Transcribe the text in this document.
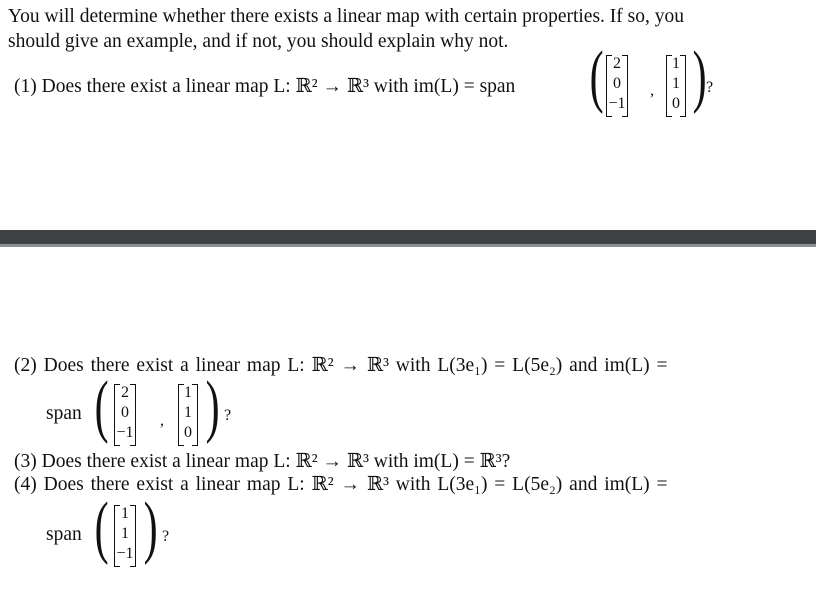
You will determine whether there exists a linear map with certain properties. If so, you
should give an example, and if not, you should explain why not.
(1) Does there exist a linear map L: ℝ² → ℝ³ with im(L) = span ( 2
0
−1
,
1
1
0 ) ?
(2) Does there exist a linear map L: ℝ² → ℝ³ with L(3e₁) = L(5e₂) and im(L) =
span ( 2
0
−1
,
1
1
0 ) ?
(3) Does there exist a linear map L: ℝ² → ℝ³ with im(L) = ℝ³?
(4) Does there exist a linear map L: ℝ² → ℝ³ with L(3e₁) = L(5e₂) and im(L) =
span ( 1
1
−1 ) ?
